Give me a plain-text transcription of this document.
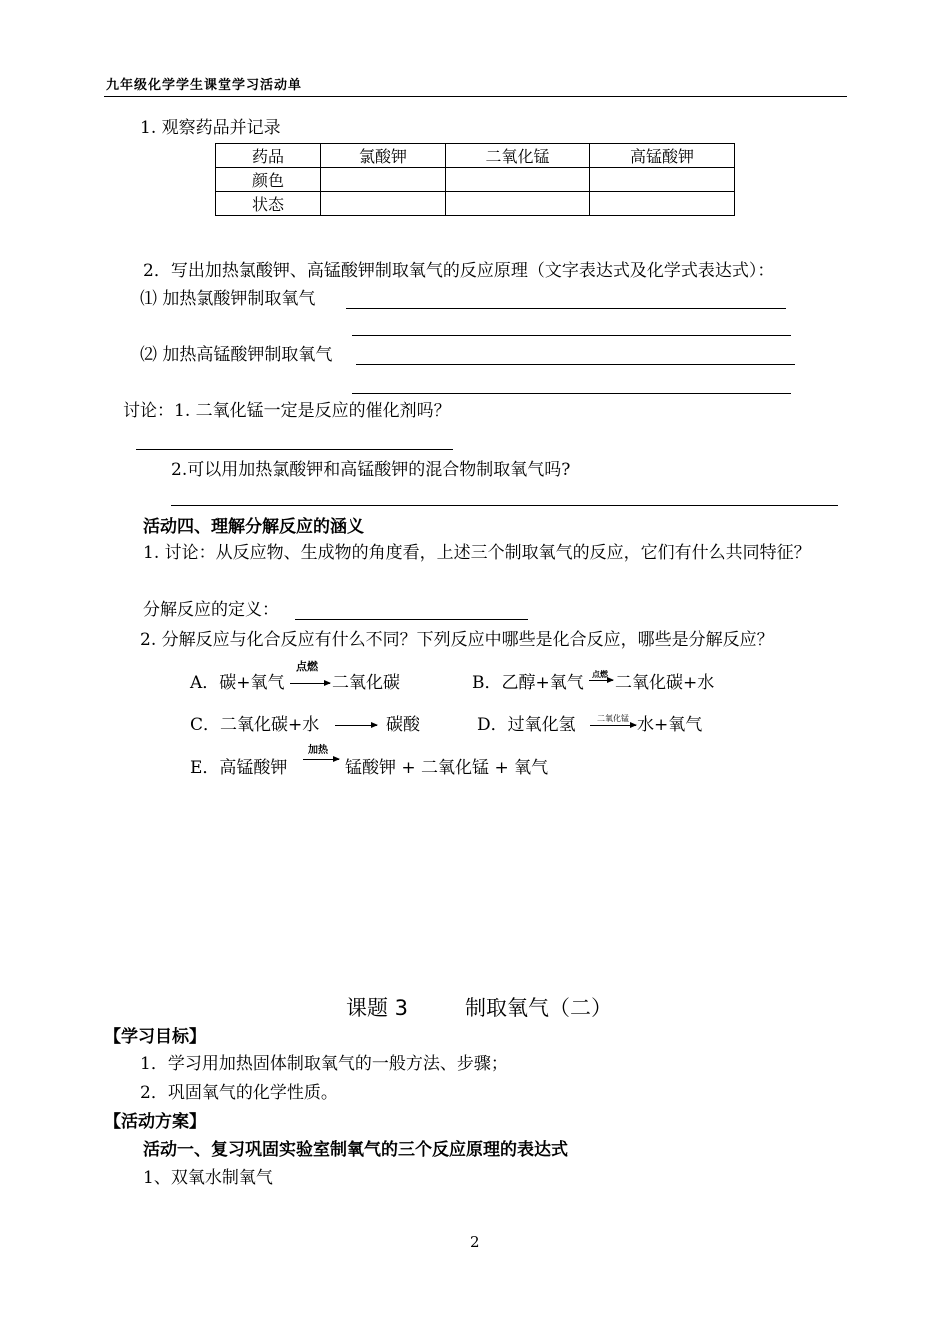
九年级化学学生课堂学习活动单
1. 观察药品并记录
药品	氯酸钾	二氧化锰	高锰酸钾
颜色			
状态			
2．写出加热氯酸钾、高锰酸钾制取氧气的反应原理（文字表达式及化学式表达式）：
⑴ 加热氯酸钾制取氧气
⑵ 加热高锰酸钾制取氧气
讨论：1. 二氧化锰一定是反应的催化剂吗？
2.可以用加热氯酸钾和高锰酸钾的混合物制取氧气吗?
活动四、理解分解反应的涵义
1. 讨论：从反应物、生成物的角度看，上述三个制取氧气的反应，它们有什么共同特征？
分解反应的定义：
2. 分解反应与化合反应有什么不同？下列反应中哪些是化合反应，哪些是分解反应？
A．碳+氧气
点燃
→ 二氧化碳	B．乙醇+氧气 点燃 → 二氧化碳+水
C．二氧化碳+水 → 碳酸	D．过氧化氢	二氧化锰 → 水+氧气
E．高锰酸钾
加热
→ 锰酸钾 + 二氧化锰 + 氧气
课题 3	制取氧气（二）
【学习目标】
1．学习用加热固体制取氧气的一般方法、步骤；
2．巩固氧气的化学性质。
【活动方案】
活动一、复习巩固实验室制氧气的三个反应原理的表达式
1、双氧水制氧气
2
